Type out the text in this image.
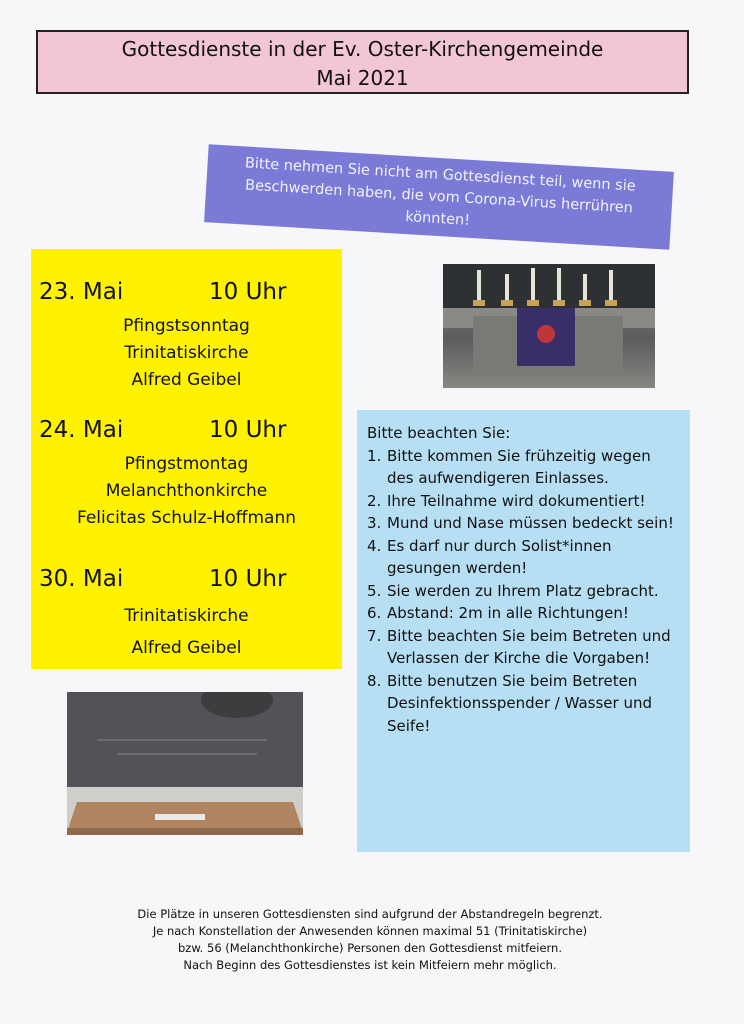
Gottesdienste in der Ev. Oster-Kirchengemeinde
Mai 2021
Bitte nehmen Sie nicht am Gottesdienst teil, wenn sie Beschwerden haben, die vom Corona-Virus herrühren könnten!
23. Mai	10 Uhr
Pfingstsonntag
Trinitatiskirche
Alfred Geibel
24. Mai	10 Uhr
Pfingstmontag
Melanchthonkirche
Felicitas Schulz-Hoffmann
30. Mai	10 Uhr
Trinitatiskirche
Alfred Geibel
Bitte beachten Sie:
1. Bitte kommen Sie frühzeitig wegen des aufwendigeren Einlasses.
2. Ihre Teilnahme wird dokumentiert!
3. Mund und Nase müssen bedeckt sein!
4. Es darf nur durch Solist*innen gesungen werden!
5. Sie werden zu Ihrem Platz gebracht.
6. Abstand: 2m in alle Richtungen!
7. Bitte beachten Sie beim Betreten und Verlassen der Kirche die Vorgaben!
8. Bitte benutzen Sie beim Betreten Desinfektionsspender / Wasser und Seife!
Die Plätze in unseren Gottesdiensten sind aufgrund der Abstandregeln begrenzt.
Je nach Konstellation der Anwesenden können maximal 51 (Trinitatiskirche)
bzw. 56 (Melanchthonkirche) Personen den Gottesdienst mitfeiern.
Nach Beginn des Gottesdienstes ist kein Mitfeiern mehr möglich.
